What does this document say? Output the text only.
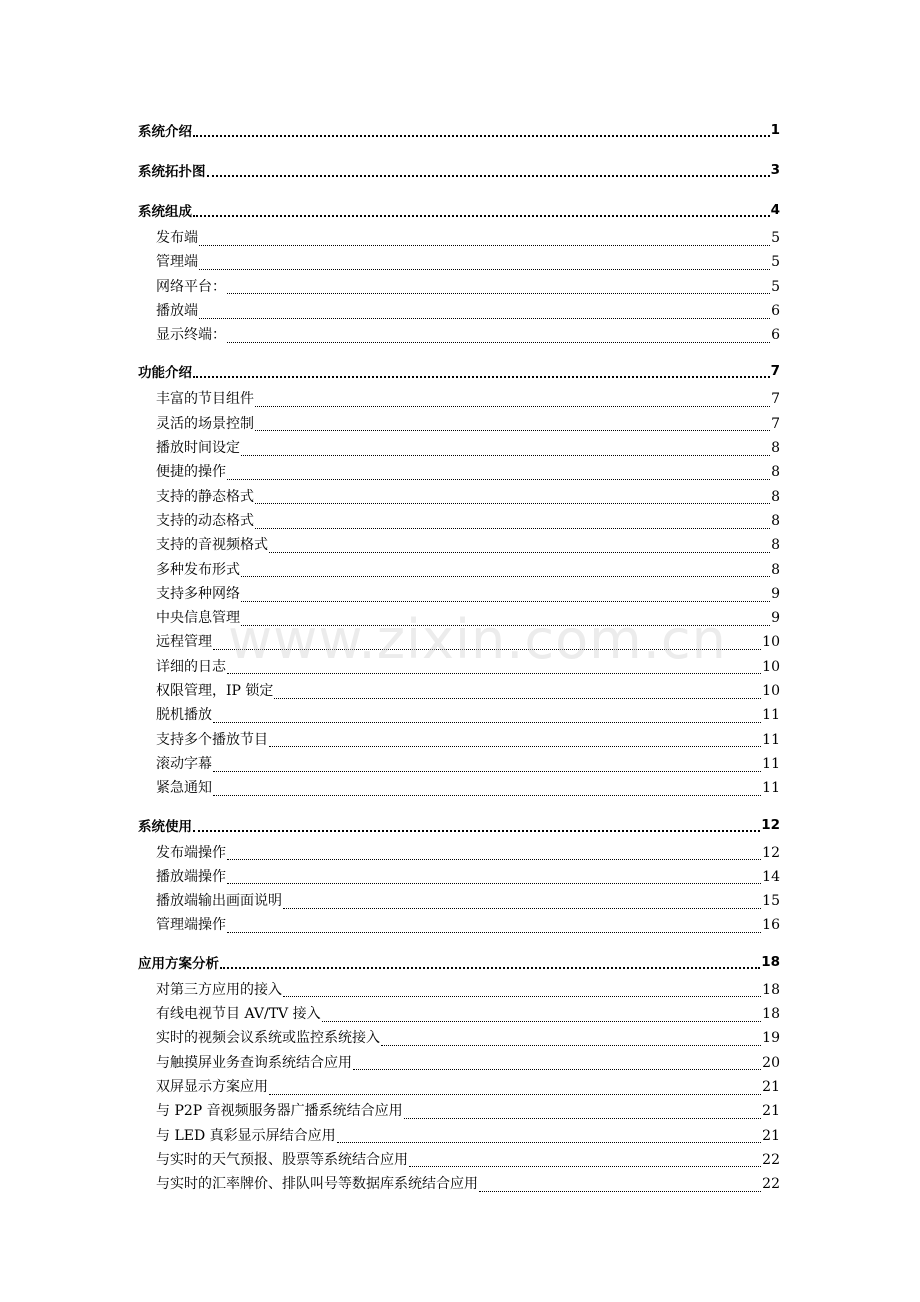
系统介绍	1
系统拓扑图	3
系统组成	4
发布端	5
管理端	5
网络平台：	5
播放端	6
显示终端：	6
功能介绍	7
丰富的节目组件	7
灵活的场景控制	7
播放时间设定	8
便捷的操作	8
支持的静态格式	8
支持的动态格式	8
支持的音视频格式	8
多种发布形式	8
支持多种网络	9
中央信息管理	9
远程管理	10
详细的日志	10
权限管理，IP 锁定	10
脱机播放	11
支持多个播放节目	11
滚动字幕	11
紧急通知	11
系统使用	12
发布端操作	12
播放端操作	14
播放端输出画面说明	15
管理端操作	16
应用方案分析	18
对第三方应用的接入	18
有线电视节目 AV/TV 接入	18
实时的视频会议系统或监控系统接入	19
与触摸屏业务查询系统结合应用	20
双屏显示方案应用	21
与 P2P 音视频服务器广播系统结合应用	21
与 LED 真彩显示屏结合应用	21
与实时的天气预报、股票等系统结合应用	22
与实时的汇率牌价、排队叫号等数据库系统结合应用	22
www.zixin.com.cn
